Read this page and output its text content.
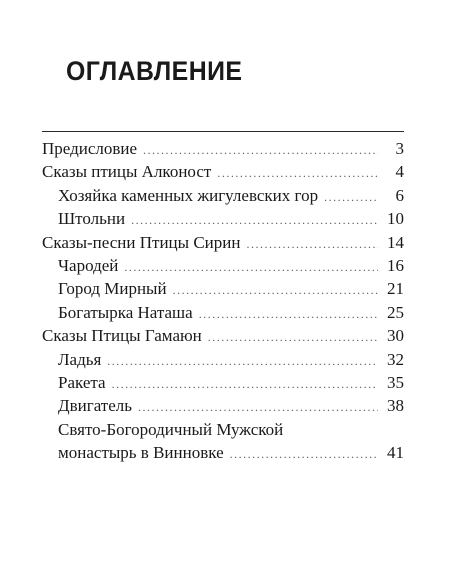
ОГЛАВЛЕНИЕ
Предисловие .....	3
Сказы птицы Алконост .....	4
Хозяйка каменных жигулевских гор .....	6
Штольни .....	10
Сказы-песни Птицы Сирин .....	14
Чародей .....	16
Город Мирный .....	21
Богатырка Наташа .....	25
Сказы Птицы Гамаюн .....	30
Ладья .....	32
Ракета .....	35
Двигатель .....	38
Свято-Богородичный Мужской
монастырь в Винновке .....	41
